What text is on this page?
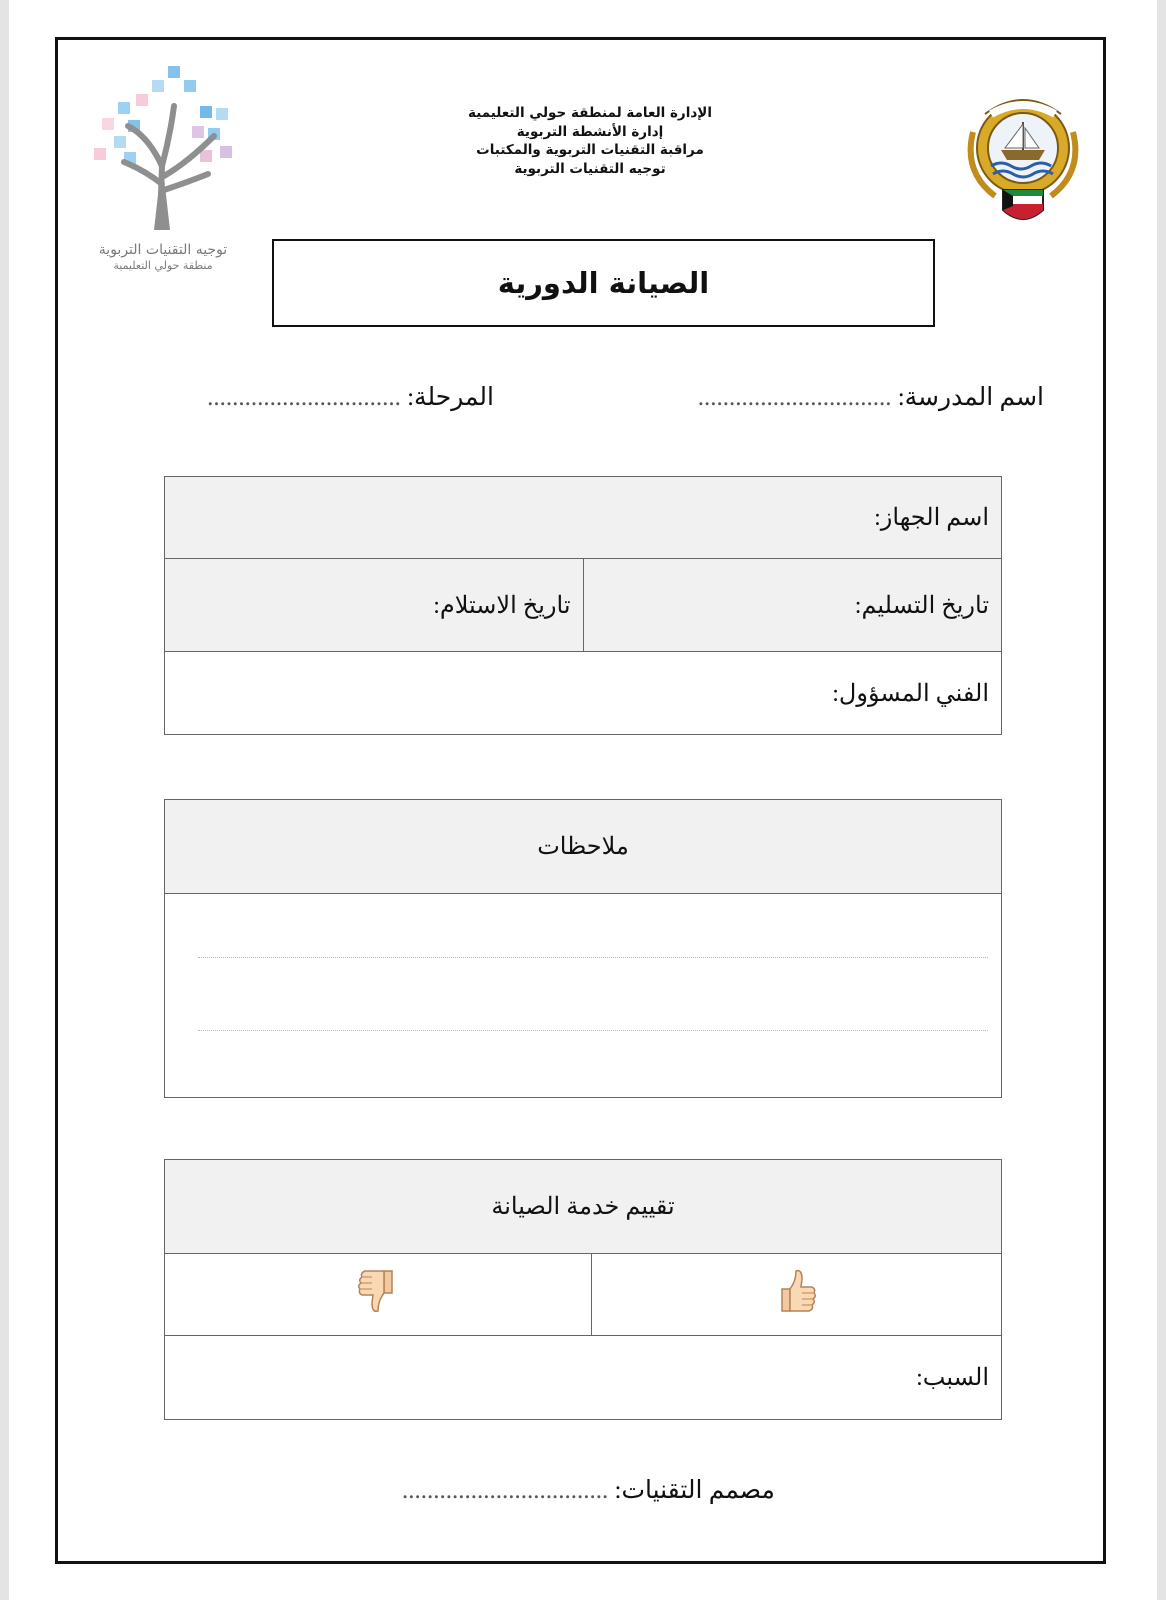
توجيه التقنيات التربوية
منطقة حولي التعليمية
الإدارة العامة لمنطقة حولي التعليمية
إدارة الأنشطة التربوية
مراقبة التقنيات التربوية والمكتبات
توجيه التقنيات التربوية
الصيانة الدورية
اسم المدرسة: ...............................
المرحلة: ...............................
اسم الجهاز:
تاريخ التسليم:	تاريخ الاستلام:
الفني المسؤول:
ملاحظات

تقييم خدمة الصيانة

السبب:
مصمم التقنيات: .................................
